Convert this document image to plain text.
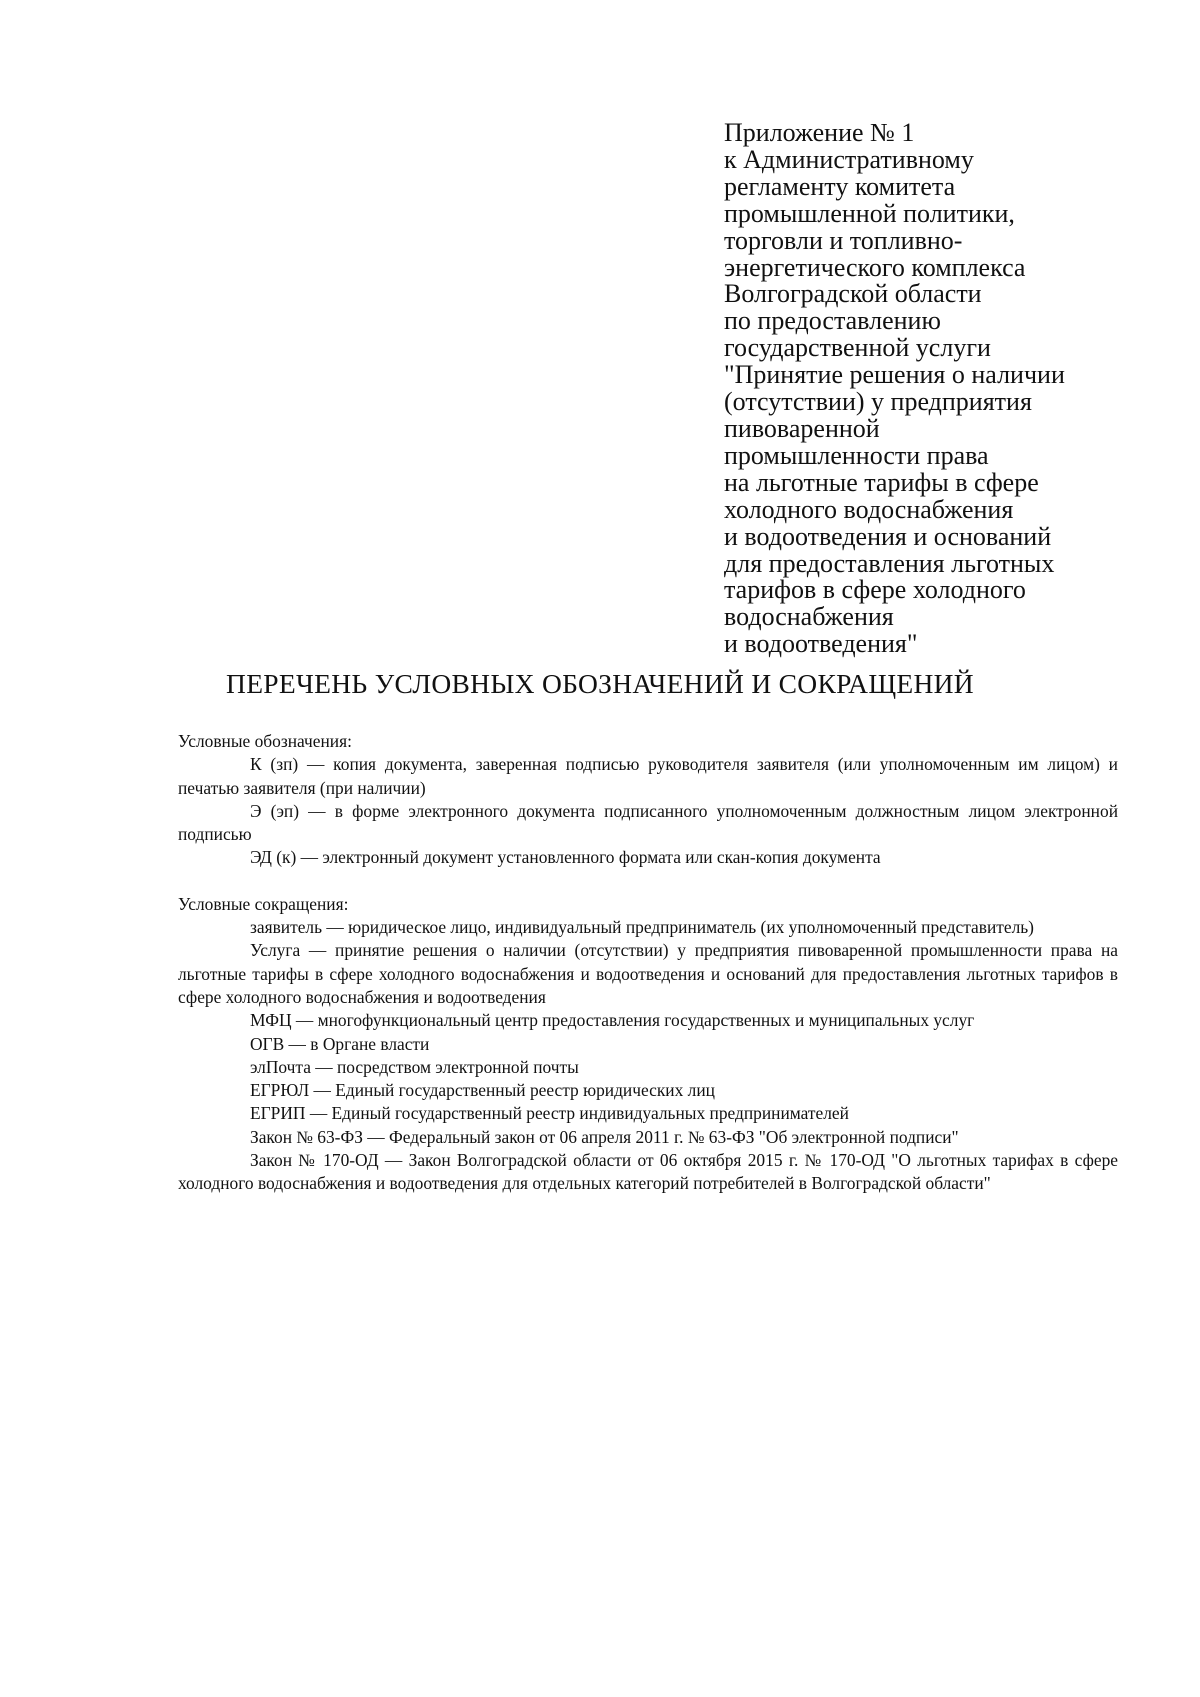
Приложение № 1
к Административному
регламенту комитета
промышленной политики,
торговли и топливно-
энергетического комплекса
Волгоградской области
по предоставлению
государственной услуги
"Принятие решения о наличии
(отсутствии) у предприятия
пивоваренной
промышленности права
на льготные тарифы в сфере
холодного водоснабжения
и водоотведения и оснований
для предоставления льготных
тарифов в сфере холодного
водоснабжения
и водоотведения"
ПЕРЕЧЕНЬ УСЛОВНЫХ ОБОЗНАЧЕНИЙ И СОКРАЩЕНИЙ

Условные обозначения:

К (зп) — копия документа, заверенная подписью руководителя заявителя (или уполномоченным им лицом) и печатью заявителя (при наличии)

Э (эп) — в форме электронного документа подписанного уполномоченным должностным лицом электронной подписью

ЭД (к) — электронный документ установленного формата или скан-копия документа

Условные сокращения:

заявитель — юридическое лицо, индивидуальный предприниматель (их уполномоченный представитель)

Услуга — принятие решения о наличии (отсутствии) у предприятия пивоваренной промышленности права на льготные тарифы в сфере холодного водоснабжения и водоотведения и оснований для предоставления льготных тарифов в сфере холодного водоснабжения и водоотведения

МФЦ — многофункциональный центр предоставления государственных и муниципальных услуг

ОГВ — в Органе власти

элПочта — посредством электронной почты

ЕГРЮЛ — Единый государственный реестр юридических лиц

ЕГРИП — Единый государственный реестр индивидуальных предпринимателей

Закон № 63-ФЗ — Федеральный закон от 06 апреля 2011 г. № 63-ФЗ "Об электронной подписи"

Закон № 170-ОД — Закон Волгоградской области от 06 октября 2015 г. № 170-ОД "О льготных тарифах в сфере холодного водоснабжения и водоотведения для отдельных категорий потребителей в Волгоградской области"
